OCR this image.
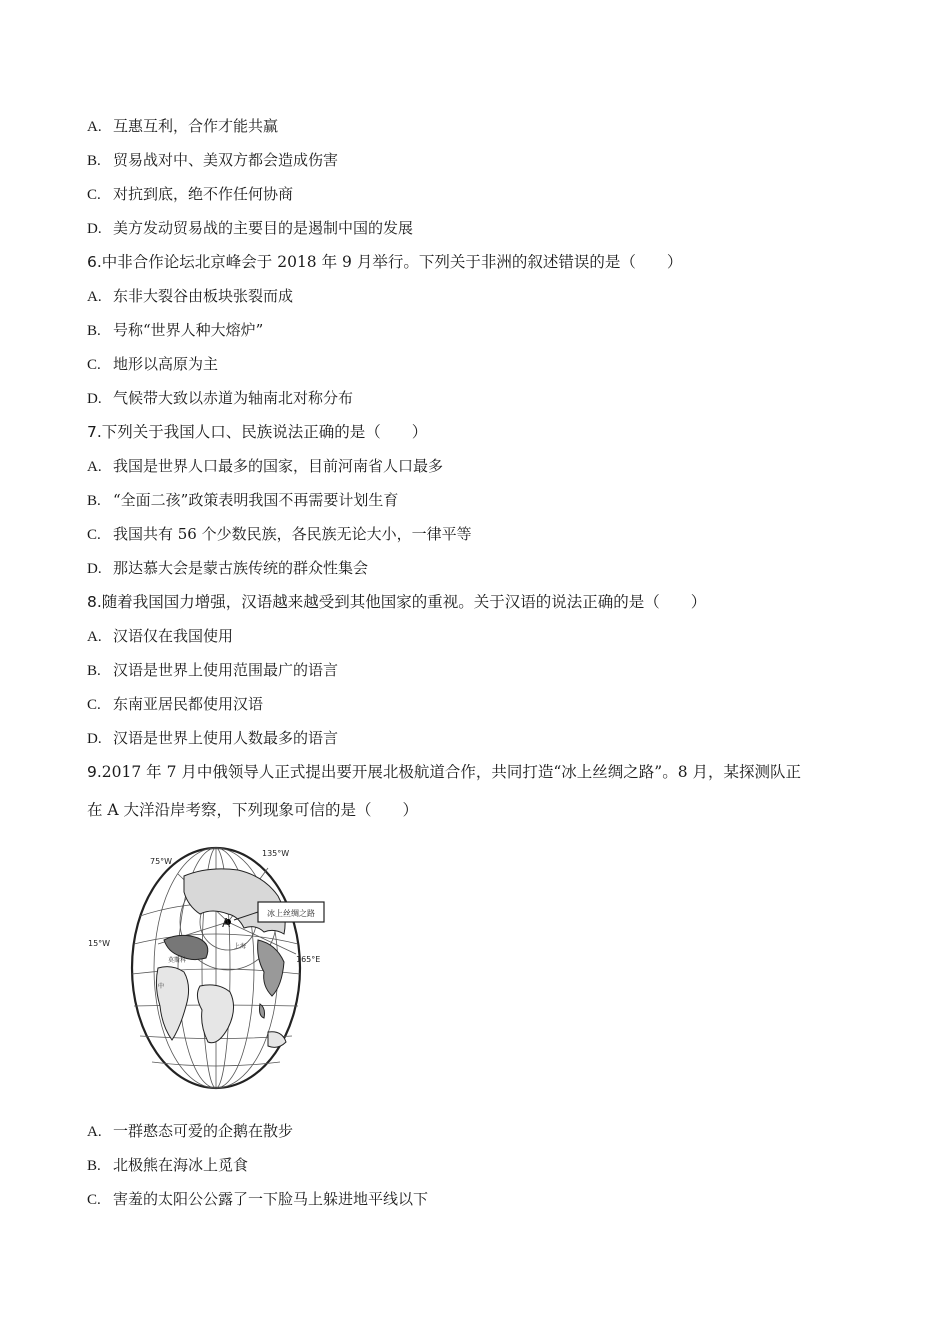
A. 互惠互利，合作才能共赢
B. 贸易战对中、美双方都会造成伤害
C. 对抗到底，绝不作任何协商
D. 美方发动贸易战的主要目的是遏制中国的发展
6.中非合作论坛北京峰会于 2018 年 9 月举行。下列关于非洲的叙述错误的是（　　）
A. 东非大裂谷由板块张裂而成
B. 号称“世界人种大熔炉”
C. 地形以高原为主
D. 气候带大致以赤道为轴南北对称分布
7.下列关于我国人口、民族说法正确的是（　　）
A. 我国是世界人口最多的国家，目前河南省人口最多
B. “全面二孩”政策表明我国不再需要计划生育
C. 我国共有 56 个少数民族，各民族无论大小，一律平等
D. 那达慕大会是蒙古族传统的群众性集会
8.随着我国国力增强，汉语越来越受到其他国家的重视。关于汉语的说法正确的是（　　）
A. 汉语仅在我国使用
B. 汉语是世界上使用范围最广的语言
C. 东南亚居民都使用汉语
D. 汉语是世界上使用人数最多的语言
9.2017 年 7 月中俄领导人正式提出要开展北极航道合作，共同打造“冰上丝绸之路”。8 月，某探测队正
在 A 大洋沿岸考察，下列现象可信的是（　　）
A
冰上丝绸之路
75°W
135°W
15°W
165°E
莫斯科
上海
中
A. 一群憨态可爱的企鹅在散步
B. 北极熊在海冰上觅食
C. 害羞的太阳公公露了一下脸马上躲进地平线以下
